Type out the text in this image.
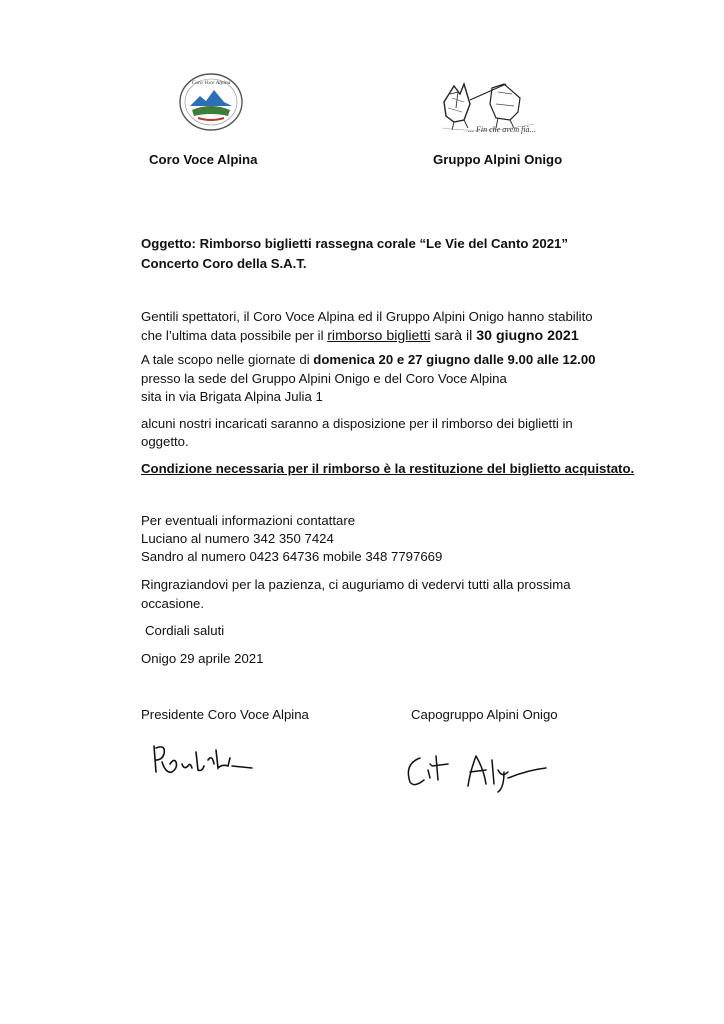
Coro Voce Alpina
... Fin che avem fià...
Coro Voce Alpina	Gruppo Alpini Onigo
Oggetto: Rimborso biglietti rassegna corale “Le Vie del Canto 2021”
Concerto Coro della S.A.T.
Gentili spettatori, il Coro Voce Alpina ed il Gruppo Alpini Onigo hanno stabilito
che l’ultima data possibile per il rimborso biglietti sarà il 30 giugno 2021
A tale scopo nelle giornate di domenica 20 e 27 giugno dalle 9.00 alle 12.00
presso la sede del Gruppo Alpini Onigo e del Coro Voce Alpina
sita in via Brigata Alpina Julia 1
alcuni nostri incaricati saranno a disposizione per il rimborso dei biglietti in
oggetto.
Condizione necessaria per il rimborso è la restituzione del biglietto acquistato.
Per eventuali informazioni contattare
Luciano al numero 342 350 7424
Sandro al numero 0423 64736 mobile 348 7797669
Ringraziandovi per la pazienza, ci auguriamo di vedervi tutti alla prossima
occasione.
Cordiali saluti
Onigo 29 aprile 2021
Presidente Coro Voce Alpina	Capogruppo Alpini Onigo
